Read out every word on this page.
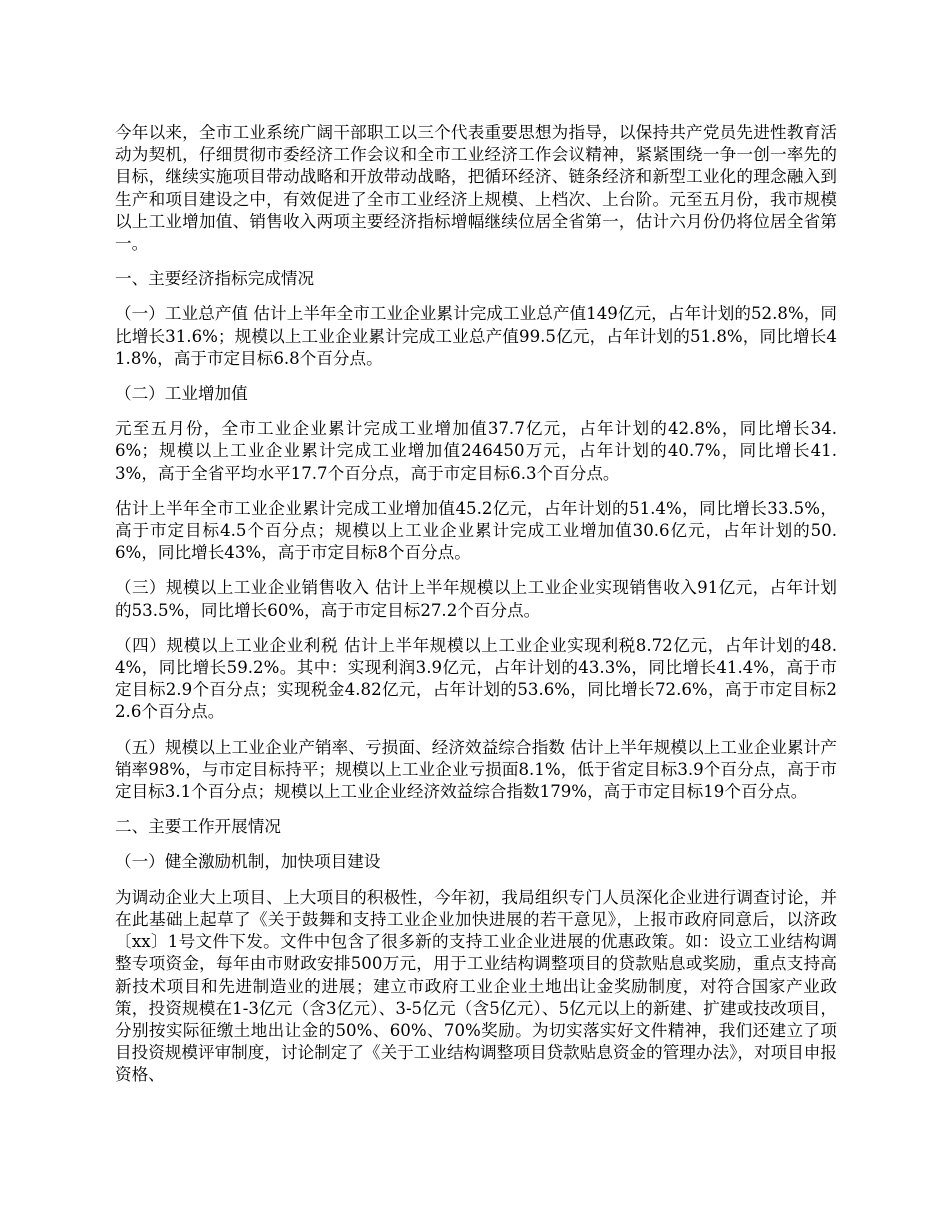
今年以来，全市工业系统广阔干部职工以三个代表重要思想为指导，以保持共产党员先进性教育活动为契机，仔细贯彻市委经济工作会议和全市工业经济工作会议精神，紧紧围绕一争一创一率先的目标，继续实施项目带动战略和开放带动战略，把循环经济、链条经济和新型工业化的理念融入到生产和项目建设之中，有效促进了全市工业经济上规模、上档次、上台阶。元至五月份，我市规模以上工业增加值、销售收入两项主要经济指标增幅继续位居全省第一，估计六月份仍将位居全省第一。

一、主要经济指标完成情况

（一）工业总产值 估计上半年全市工业企业累计完成工业总产值149亿元，占年计划的52.8%，同比增长31.6%；规模以上工业企业累计完成工业总产值99.5亿元，占年计划的51.8%，同比增长41.8%，高于市定目标6.8个百分点。

（二）工业增加值

元至五月份，全市工业企业累计完成工业增加值37.7亿元，占年计划的42.8%，同比增长34.6%；规模以上工业企业累计完成工业增加值246450万元，占年计划的40.7%，同比增长41.3%，高于全省平均水平17.7个百分点，高于市定目标6.3个百分点。

估计上半年全市工业企业累计完成工业增加值45.2亿元，占年计划的51.4%，同比增长33.5%，高于市定目标4.5个百分点；规模以上工业企业累计完成工业增加值30.6亿元，占年计划的50.6%，同比增长43%，高于市定目标8个百分点。

（三）规模以上工业企业销售收入 估计上半年规模以上工业企业实现销售收入91亿元，占年计划的53.5%，同比增长60%，高于市定目标27.2个百分点。

（四）规模以上工业企业利税 估计上半年规模以上工业企业实现利税8.72亿元，占年计划的48.4%，同比增长59.2%。其中：实现利润3.9亿元，占年计划的43.3%，同比增长41.4%，高于市定目标2.9个百分点；实现税金4.82亿元，占年计划的53.6%，同比增长72.6%，高于市定目标22.6个百分点。

（五）规模以上工业企业产销率、亏损面、经济效益综合指数 估计上半年规模以上工业企业累计产销率98%，与市定目标持平；规模以上工业企业亏损面8.1%，低于省定目标3.9个百分点，高于市定目标3.1个百分点；规模以上工业企业经济效益综合指数179%，高于市定目标19个百分点。

二、主要工作开展情况

（一）健全激励机制，加快项目建设

为调动企业大上项目、上大项目的积极性，今年初，我局组织专门人员深化企业进行调查讨论，并在此基础上起草了《关于鼓舞和支持工业企业加快进展的若干意见》，上报市政府同意后，以济政〔xx〕1号文件下发。文件中包含了很多新的支持工业企业进展的优惠政策。如：设立工业结构调整专项资金，每年由市财政安排500万元，用于工业结构调整项目的贷款贴息或奖励，重点支持高新技术项目和先进制造业的进展；建立市政府工业企业土地出让金奖励制度，对符合国家产业政策，投资规模在1-3亿元（含3亿元）、3-5亿元（含5亿元）、5亿元以上的新建、扩建或技改项目，分别按实际征缴土地出让金的50%、60%、70%奖励。为切实落实好文件精神，我们还建立了项目投资规模评审制度，讨论制定了《关于工业结构调整项目贷款贴息资金的管理办法》，对项目申报资格、
